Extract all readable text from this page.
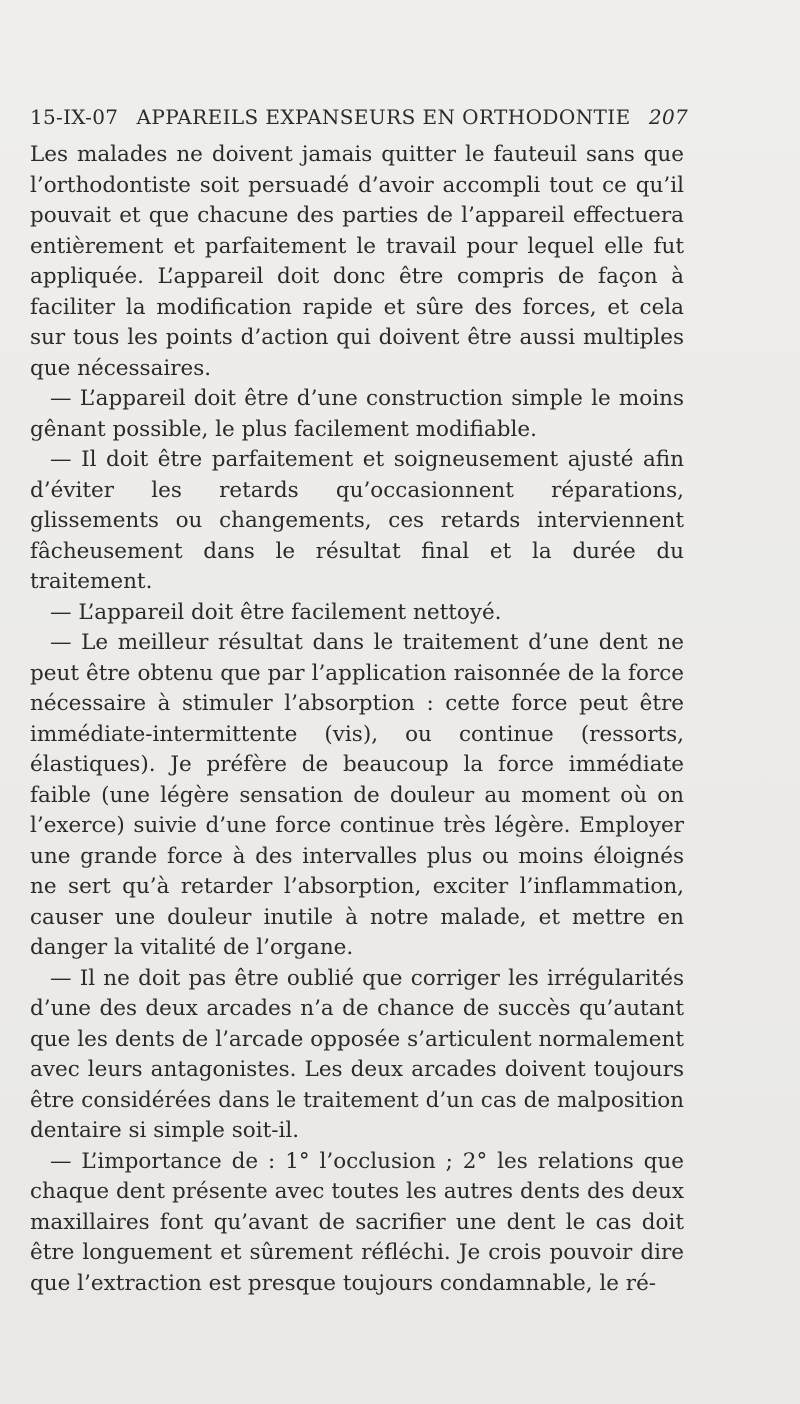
15-IX-07 APPAREILS EXPANSEURS EN ORTHODONTIE 207

Les malades ne doivent jamais quitter le fauteuil sans que l’orthodontiste soit persuadé d’avoir accompli tout ce qu’il pouvait et que chacune des parties de l’appareil effectuera entièrement et parfaitement le travail pour lequel elle fut appliquée. L’appareil doit donc être compris de façon à faciliter la modification rapide et sûre des forces, et cela sur tous les points d’action qui doivent être aussi multiples que nécessaires.

— L’appareil doit être d’une construction simple le moins gênant possible, le plus facilement modifiable.

— Il doit être parfaitement et soigneusement ajusté afin d’éviter les retards qu’occasionnent réparations, glissements ou changements, ces retards interviennent fâcheusement dans le résultat final et la durée du traitement.

— L’appareil doit être facilement nettoyé.

— Le meilleur résultat dans le traitement d’une dent ne peut être obtenu que par l’application raisonnée de la force nécessaire à stimuler l’absorption : cette force peut être immédiate-intermittente (vis), ou continue (ressorts, élastiques). Je préfère de beaucoup la force immédiate faible (une légère sensation de douleur au moment où on l’exerce) suivie d’une force continue très légère. Employer une grande force à des intervalles plus ou moins éloignés ne sert qu’à retarder l’absorption, exciter l’inflammation, causer une douleur inutile à notre malade, et mettre en danger la vitalité de l’organe.

— Il ne doit pas être oublié que corriger les irrégularités d’une des deux arcades n’a de chance de succès qu’autant que les dents de l’arcade opposée s’articulent normalement avec leurs antagonistes. Les deux arcades doivent toujours être considérées dans le traitement d’un cas de malposition dentaire si simple soit-il.

— L’importance de : 1° l’occlusion ; 2° les relations que chaque dent présente avec toutes les autres dents des deux maxillaires font qu’avant de sacrifier une dent le cas doit être longuement et sûrement réfléchi. Je crois pouvoir dire que l’extraction est presque toujours condamnable, le ré-
